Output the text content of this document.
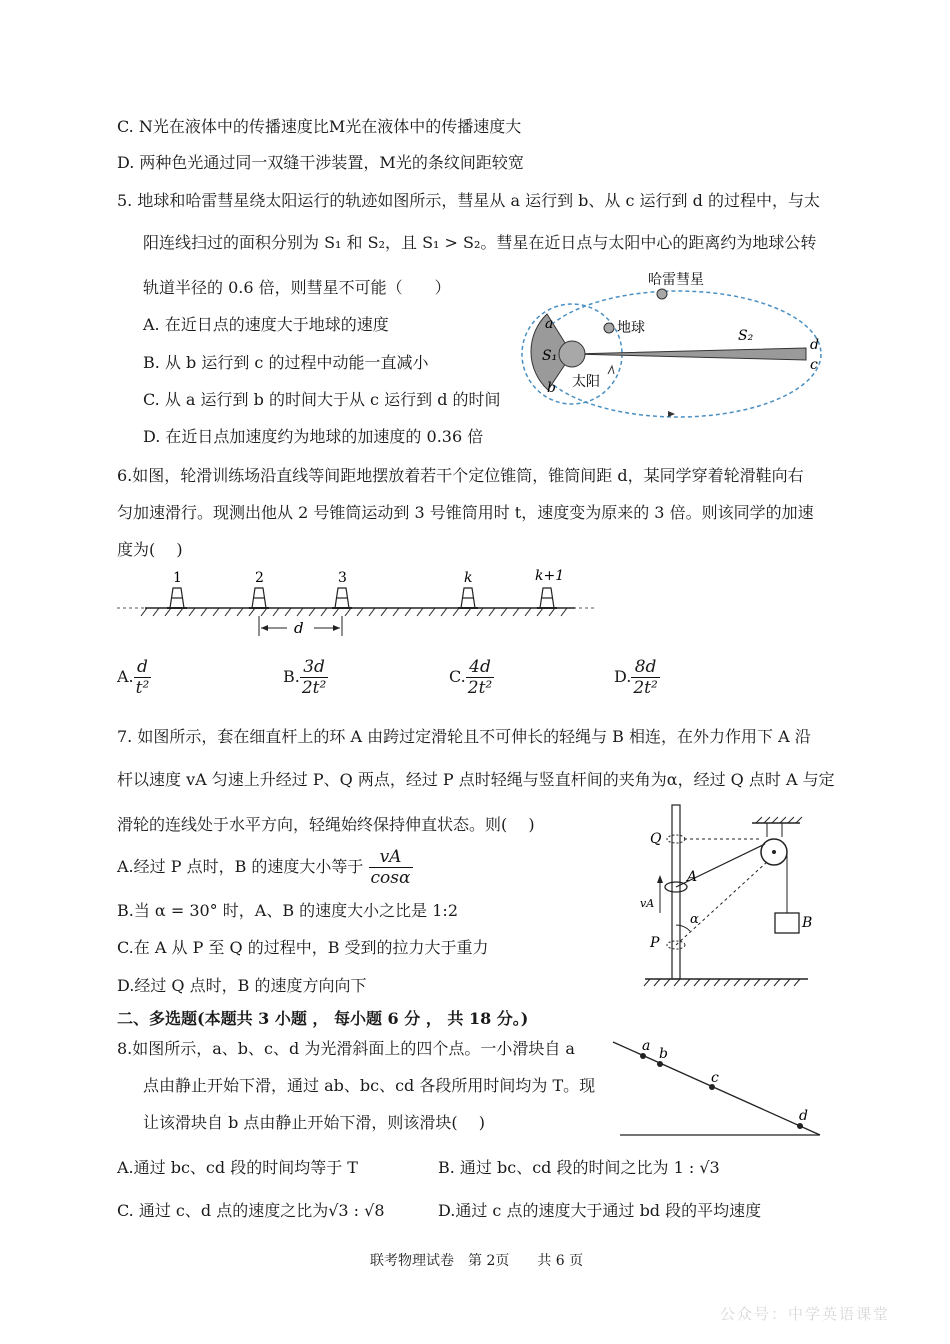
C. N光在液体中的传播速度比M光在液体中的传播速度大
D. 两种色光通过同一双缝干涉装置，M光的条纹间距较宽
5. 地球和哈雷彗星绕太阳运行的轨迹如图所示，彗星从 a 运行到 b、从 c 运行到 d 的过程中，与太
阳连线扫过的面积分别为 S₁ 和 S₂，且 S₁ > S₂。彗星在近日点与太阳中心的距离约为地球公转
轨道半径的 0.6 倍，则彗星不可能（　　）
A. 在近日点的速度大于地球的速度
B. 从 b 运行到 c 的过程中动能一直减小
C. 从 a 运行到 b 的时间大于从 c 运行到 d 的时间
D. 在近日点加速度约为地球的加速度的 0.36 倍
哈雷彗星
地球
太阳
a
b
d
c
S₁
S₂
6.如图，轮滑训练场沿直线等间距地摆放着若干个定位锥筒，锥筒间距 d，某同学穿着轮滑鞋向右
匀加速滑行。现测出他从 2 号锥筒运动到 3 号锥筒用时 t，速度变为原来的 3 倍。则该同学的加速
度为(　 )
1	2	3	k	k+1
d
A. $\frac{d}{\text{t²}}$	B. $\frac{3d}{\text{2t²}}$	C. $\frac{4d}{\text{2t²}}$	D. $\frac{8d}{\text{2t²}}$
7. 如图所示，套在细直杆上的环 A 由跨过定滑轮且不可伸长的轻绳与 B 相连，在外力作用下 A 沿
杆以速度 vA 匀速上升经过 P、Q 两点，经过 P 点时轻绳与竖直杆间的夹角为α，经过 Q 点时 A 与定
滑轮的连线处于水平方向，轻绳始终保持伸直状态。则(　 )
A.经过 P 点时，B 的速度大小等于 $\frac{vA}{\cos\alpha}$
B.当 α = 30° 时，A、B 的速度大小之比是 1:2
C.在 A 从 P 至 Q 的过程中，B 受到的拉力大于重力
D.经过 Q 点时，B 的速度方向向下
Q
P
A
B
α
vA
二、多选题(本题共 3 小题 ， 每小题 6 分 ， 共 18 分。)
8.如图所示，a、b、c、d 为光滑斜面上的四个点。一小滑块自 a
点由静止开始下滑，通过 ab、bc、cd 各段所用时间均为 T。现
让该滑块自 b 点由静止开始下滑，则该滑块(　 )
a b
c
d
A.通过 bc、cd 段的时间均等于 T	B. 通过 bc、cd 段的时间之比为 1 : √3
C. 通过 c、d 点的速度之比为√3 : √8	D.通过 c 点的速度大于通过 bd 段的平均速度
联考物理试卷　第 2页　　共 6 页
公众号：中学英语课堂
